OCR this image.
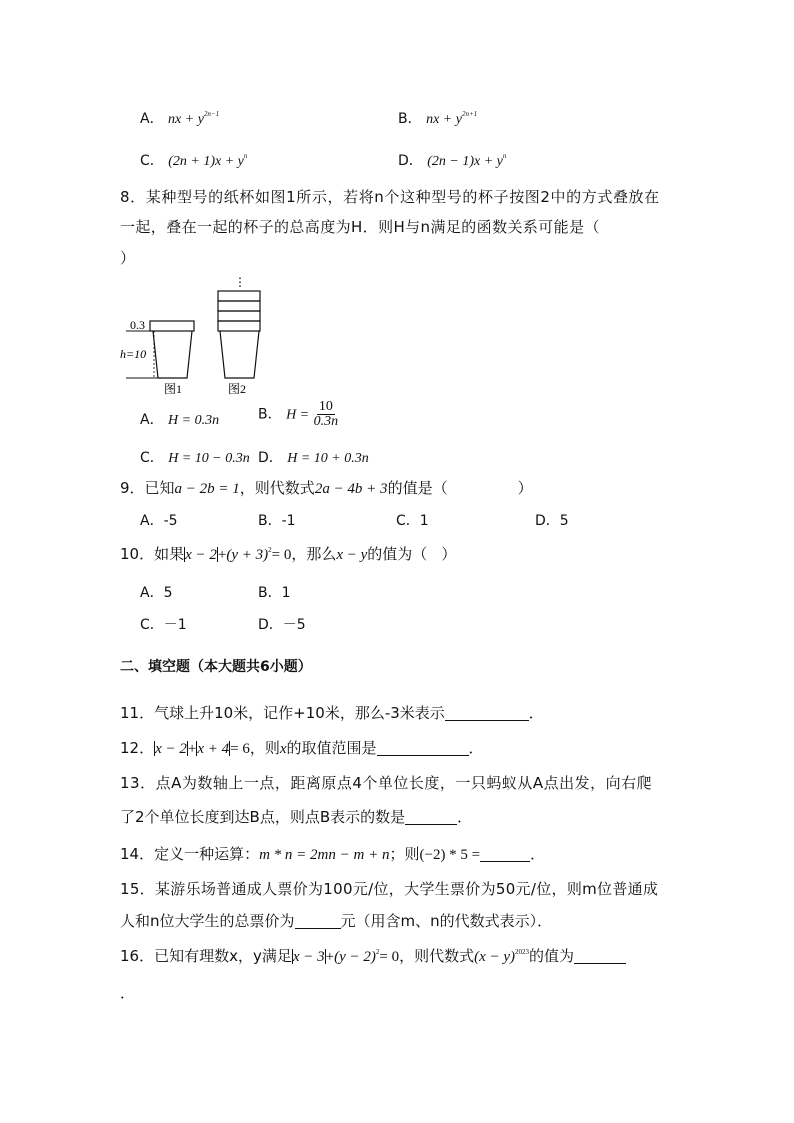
A． nx + $y^{2n-1}$	B． nx + $y^{2n+1}$
C． $(2n + 1)x + y^n$	D． $(2n - 1)x + y^n$
8．某种型号的纸杯如图1所示，若将n个这种型号的杯子按图2中的方式叠放在
一起，叠在一起的杯子的总高度为H．则H与n满足的函数关系可能是（
）
0.3
h=10
图1
⋮
图2
A． H = 0.3n	B． $H = \frac{10}{0.3n}$
C． H = 10 − 0.3n D． H = 10 + 0.3n
9．已知a − 2b = 1，则代数式2a − 4b + 3的值是（	）
A．-5	B．-1	C．1	D．5
10．如果$x - 2+(y + 3)^2= 0$，那么x − y的值为（ ）
A．5	B．1
C．－1	D．－5
二、填空题（本大题共6小题）
11．气球上升10米，记作+10米，那么-3米表示	．
12．x − 2+x + 4= 6，则x的取值范围是	．
13．点A为数轴上一点，距离原点4个单位长度，一只蚂蚁从A点出发，向右爬
了2个单位长度到达B点，则点B表示的数是	．
14．定义一种运算：m * n = 2mn − m + n；则(−2) * 5 =	．
15．某游乐场普通成人票价为100元/位，大学生票价为50元/位，则m位普通成
人和n位大学生的总票价为	元（用含m、n的代数式表示）．
16．已知有理数x，y满足$x - 3+(y - 2)^2= 0$，则代数式$(x - y)^{2023}$的值为
．
